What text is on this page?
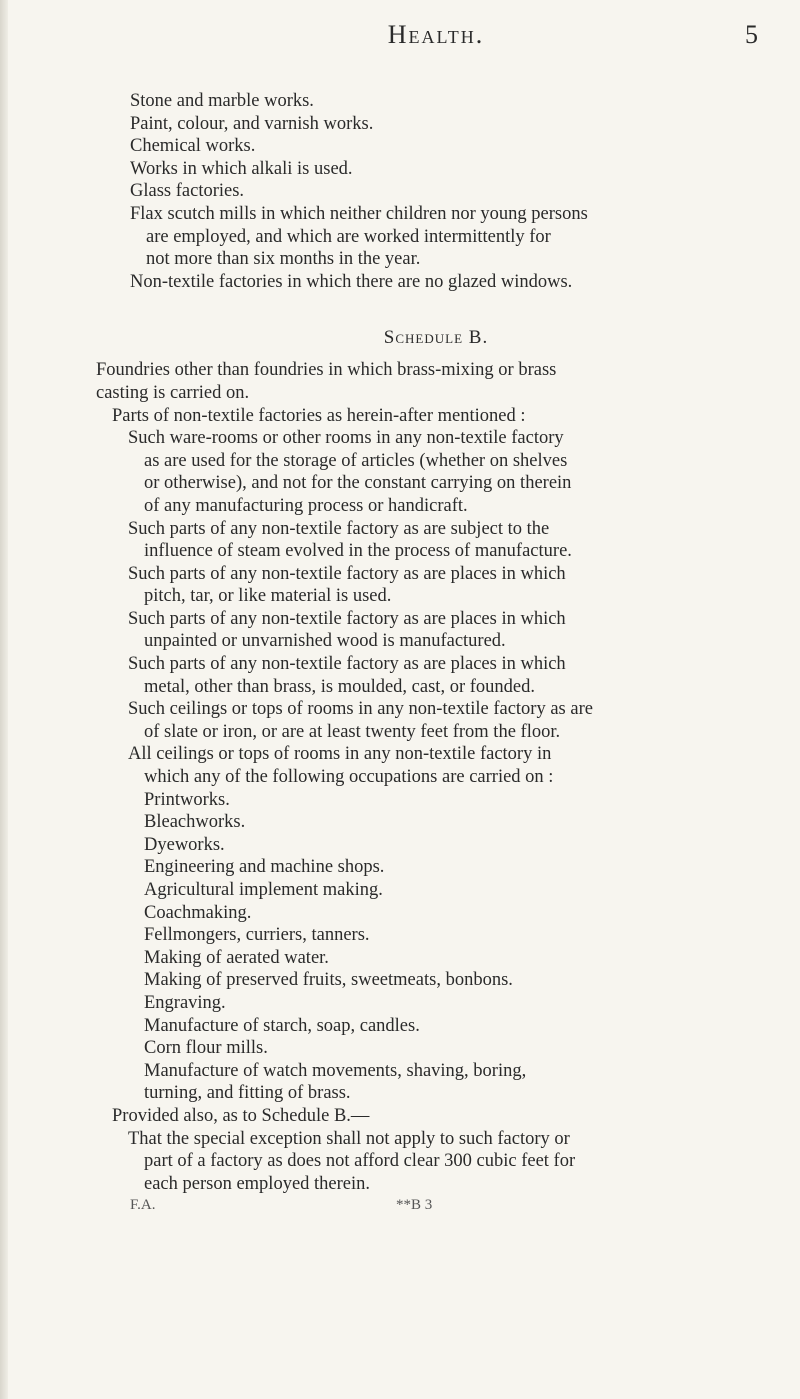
Health.	5
Stone and marble works.
Paint, colour, and varnish works.
Chemical works.
Works in which alkali is used.
Glass factories.
Flax scutch mills in which neither children nor young persons
are employed, and which are worked intermittently for
not more than six months in the year.
Non-textile factories in which there are no glazed windows.
Schedule B.
Foundries other than foundries in which brass-mixing or brass
casting is carried on.
Parts of non-textile factories as herein-after mentioned :
Such ware-rooms or other rooms in any non-textile factory
as are used for the storage of articles (whether on shelves
or otherwise), and not for the constant carrying on therein
of any manufacturing process or handicraft.
Such parts of any non-textile factory as are subject to the
influence of steam evolved in the process of manufacture.
Such parts of any non-textile factory as are places in which
pitch, tar, or like material is used.
Such parts of any non-textile factory as are places in which
unpainted or unvarnished wood is manufactured.
Such parts of any non-textile factory as are places in which
metal, other than brass, is moulded, cast, or founded.
Such ceilings or tops of rooms in any non-textile factory as are
of slate or iron, or are at least twenty feet from the floor.
All ceilings or tops of rooms in any non-textile factory in
which any of the following occupations are carried on :
Printworks.
Bleachworks.
Dyeworks.
Engineering and machine shops.
Agricultural implement making.
Coachmaking.
Fellmongers, curriers, tanners.
Making of aerated water.
Making of preserved fruits, sweetmeats, bonbons.
Engraving.
Manufacture of starch, soap, candles.
Corn flour mills.
Manufacture of watch movements, shaving, boring,
turning, and fitting of brass.
Provided also, as to Schedule B.—
That the special exception shall not apply to such factory or
part of a factory as does not afford clear 300 cubic feet for
each person employed therein.
F.A.	**B 3
